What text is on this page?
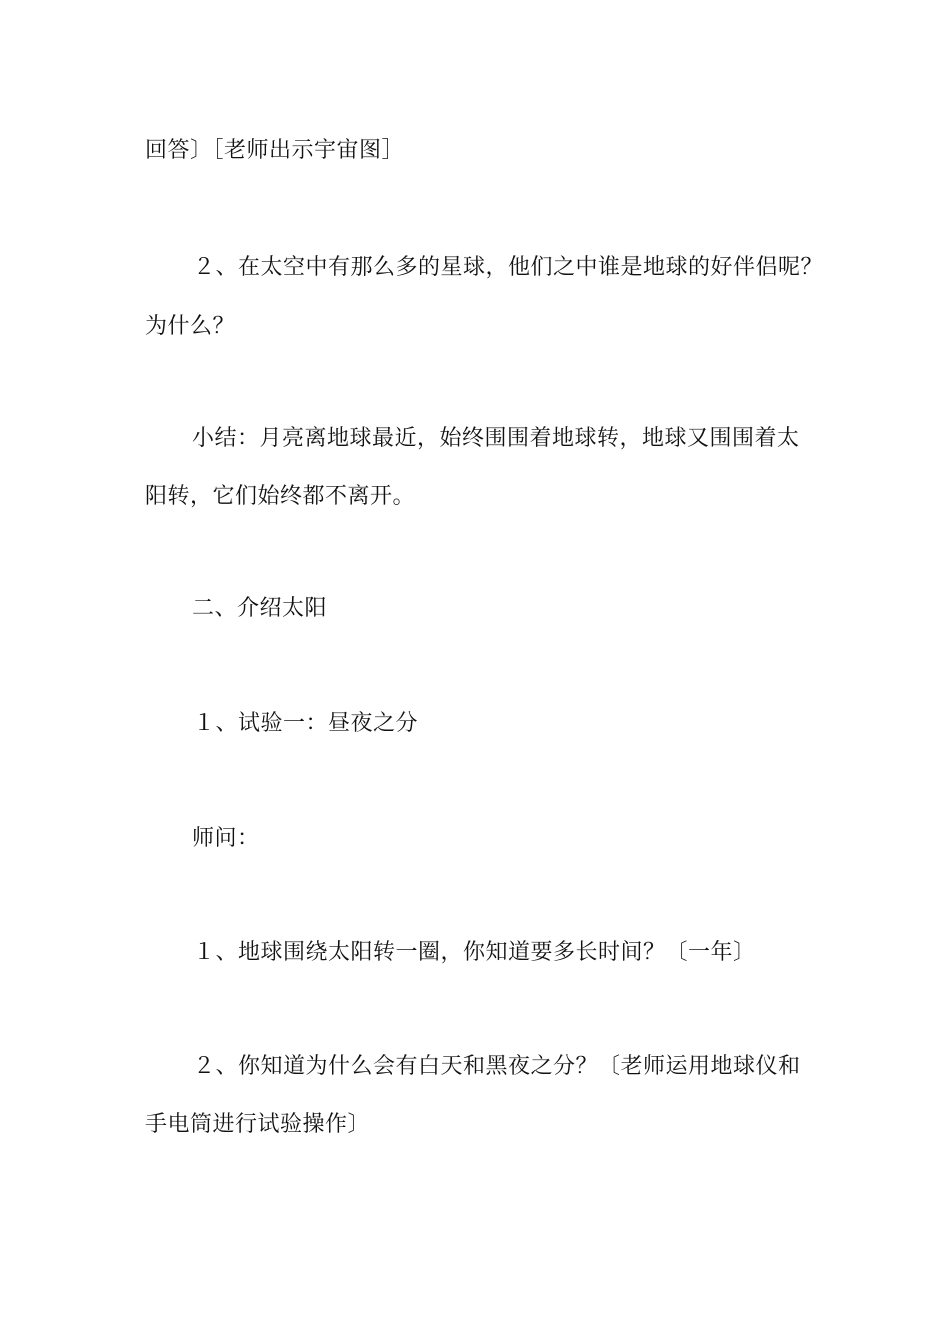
回答〕［老师出示宇宙图］
２、在太空中有那么多的星球，他们之中谁是地球的好伴侣呢？
为什么？
小结：月亮离地球最近，始终围围着地球转，地球又围围着太
阳转，它们始终都不离开。
二、介绍太阳
１、试验一：昼夜之分
师问：
１、地球围绕太阳转一圈，你知道要多长时间？〔一年〕
２、你知道为什么会有白天和黑夜之分？〔老师运用地球仪和
手电筒进行试验操作〕
